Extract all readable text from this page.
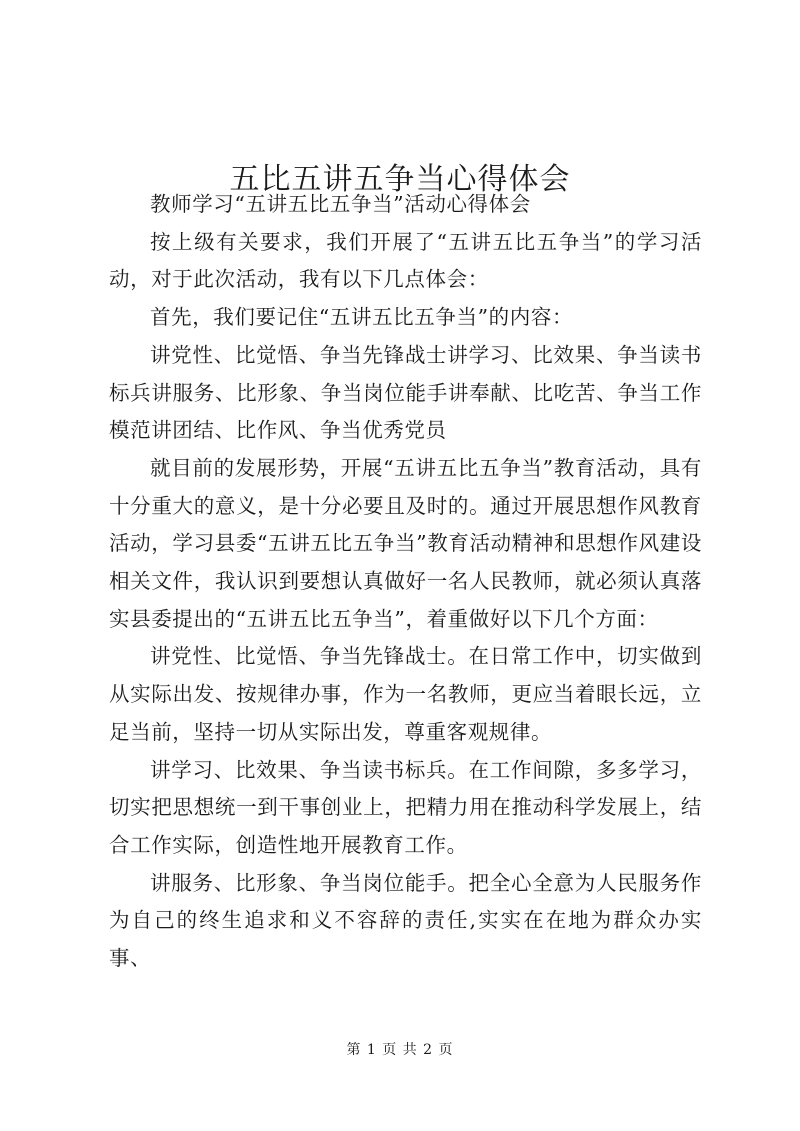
五比五讲五争当心得体会

教师学习“五讲五比五争当”活动心得体会

按上级有关要求，我们开展了“五讲五比五争当”的学习活动，对于此次活动，我有以下几点体会：

首先，我们要记住“五讲五比五争当”的内容：

讲党性、比觉悟、争当先锋战士讲学习、比效果、争当读书标兵讲服务、比形象、争当岗位能手讲奉献、比吃苦、争当工作模范讲团结、比作风、争当优秀党员

就目前的发展形势，开展“五讲五比五争当”教育活动，具有十分重大的意义，是十分必要且及时的。通过开展思想作风教育活动，学习县委“五讲五比五争当”教育活动精神和思想作风建设相关文件，我认识到要想认真做好一名人民教师，就必须认真落实县委提出的“五讲五比五争当”，着重做好以下几个方面：

讲党性、比觉悟、争当先锋战士。在日常工作中，切实做到从实际出发、按规律办事，作为一名教师，更应当着眼长远，立足当前，坚持一切从实际出发，尊重客观规律。

讲学习、比效果、争当读书标兵。在工作间隙，多多学习，切实把思想统一到干事创业上，把精力用在推动科学发展上，结合工作实际，创造性地开展教育工作。

讲服务、比形象、争当岗位能手。把全心全意为人民服务作为自己的终生追求和义不容辞的责任,实实在在地为群众办实事、

第 1 页 共 2 页
